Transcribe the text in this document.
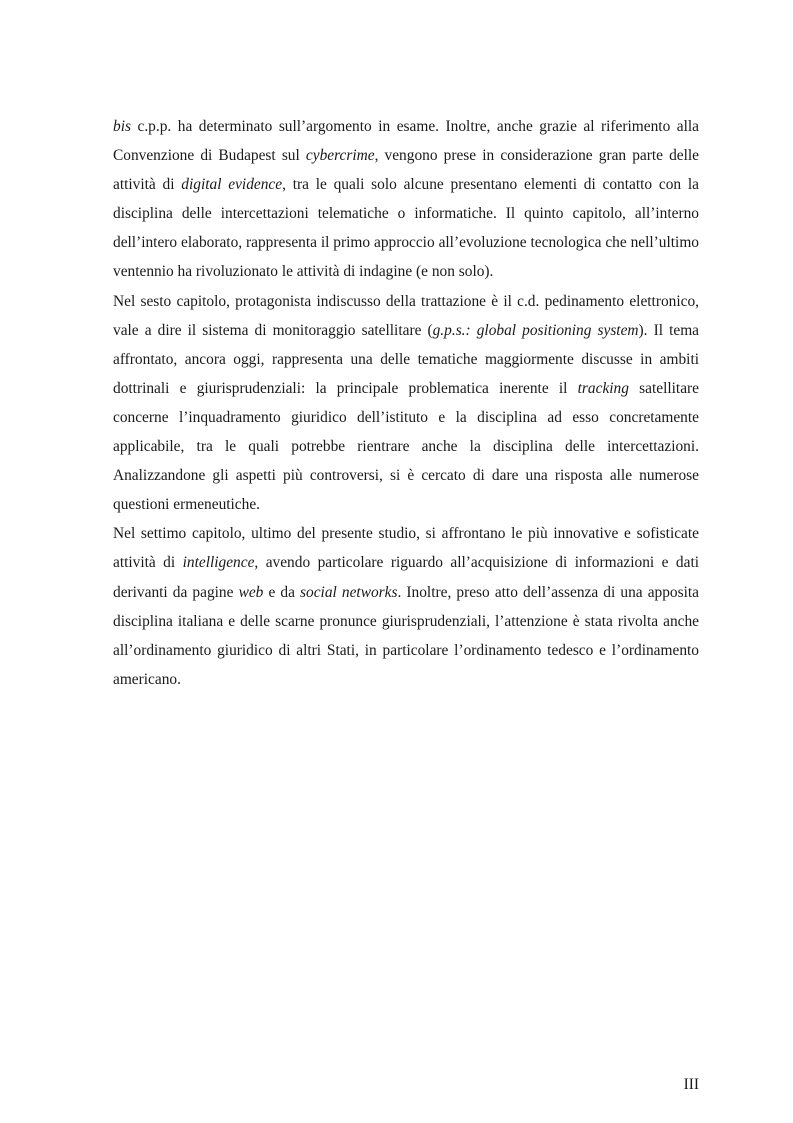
bis c.p.p. ha determinato sull’argomento in esame. Inoltre, anche grazie al riferimento alla Convenzione di Budapest sul cybercrime, vengono prese in considerazione gran parte delle attività di digital evidence, tra le quali solo alcune presentano elementi di contatto con la disciplina delle intercettazioni telematiche o informatiche. Il quinto capitolo, all’interno dell’intero elaborato, rappresenta il primo approccio all’evoluzione tecnologica che nell’ultimo ventennio ha rivoluzionato le attività di indagine (e non solo).

Nel sesto capitolo, protagonista indiscusso della trattazione è il c.d. pedinamento elettronico, vale a dire il sistema di monitoraggio satellitare (g.p.s.: global positioning system). Il tema affrontato, ancora oggi, rappresenta una delle tematiche maggiormente discusse in ambiti dottrinali e giurisprudenziali: la principale problematica inerente il tracking satellitare concerne l’inquadramento giuridico dell’istituto e la disciplina ad esso concretamente applicabile, tra le quali potrebbe rientrare anche la disciplina delle intercettazioni. Analizzandone gli aspetti più controversi, si è cercato di dare una risposta alle numerose questioni ermeneutiche.

Nel settimo capitolo, ultimo del presente studio, si affrontano le più innovative e sofisticate attività di intelligence, avendo particolare riguardo all’acquisizione di informazioni e dati derivanti da pagine web e da social networks. Inoltre, preso atto dell’assenza di una apposita disciplina italiana e delle scarne pronunce giurisprudenziali, l’attenzione è stata rivolta anche all’ordinamento giuridico di altri Stati, in particolare l’ordinamento tedesco e l’ordinamento americano.

III
